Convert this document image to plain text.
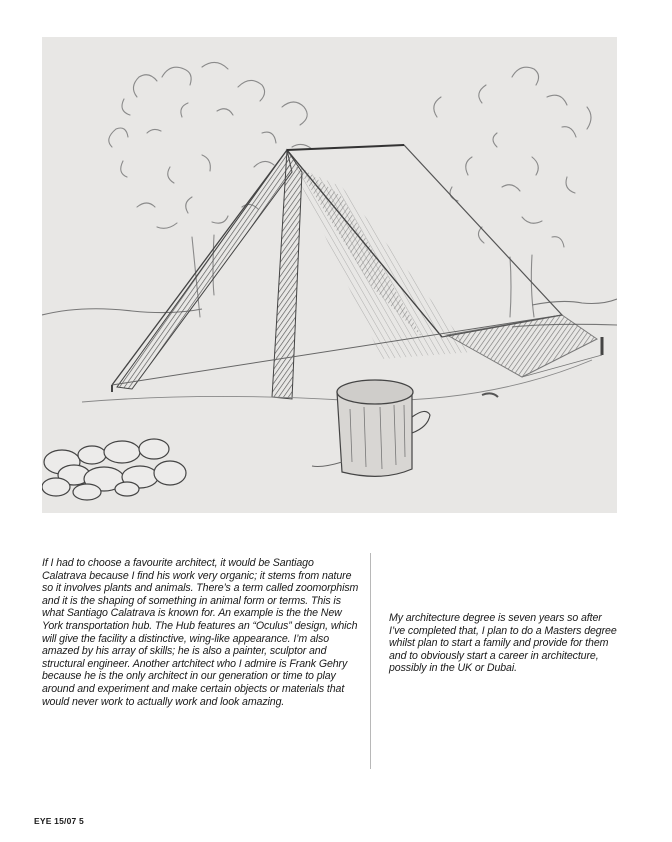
If I had to choose a favourite architect, it would be Santiago Calatrava because I find his work very organic; it stems from nature so it involves plants and animals. There’s a term called zoomorphism and it is the shaping of something in animal form or terms. This is what Santiago Calatrava is known for. An example is the the New York transportation hub. The Hub features an “Oculus” design, which will give the facility a distinctive, wing-like appearance. I’m also amazed by his array of skills; he is also a painter, sculptor and structural engineer. Another artchitect who I admire is Frank Gehry because he is the only architect in our generation or time to play around and experiment and make certain objects or materials that would never work to actually work and look amazing.

My architecture degree is seven years so after I’ve completed that, I plan to do a Masters degree whilst plan to start a family and provide for them and to obviously start a career in architecture, possibly in the UK or Dubai.

EYE 15/07 5
